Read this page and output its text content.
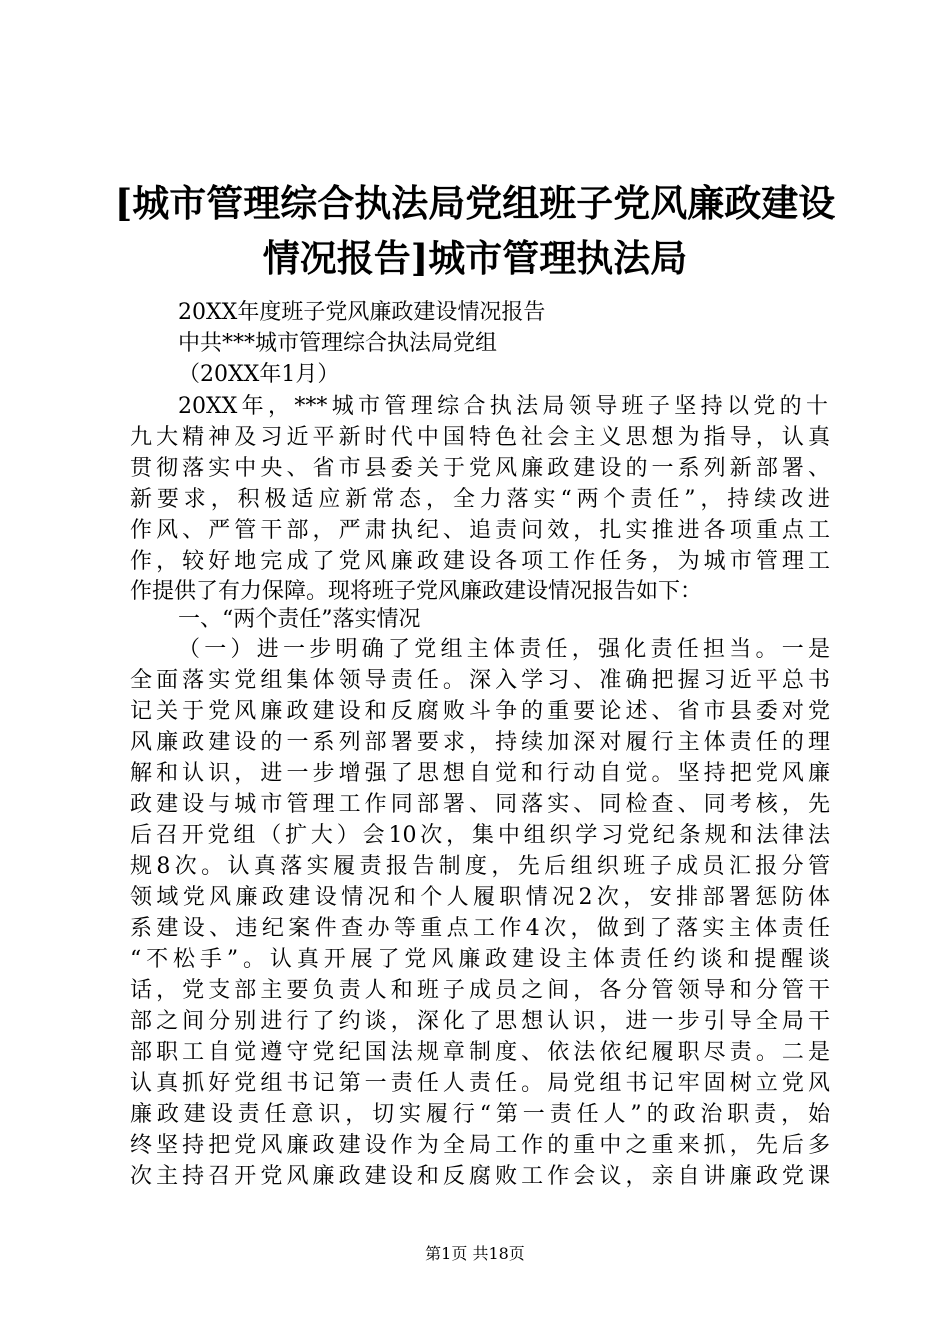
[城市管理综合执法局党组班子党风廉政建设
情况报告]城市管理执法局
20XX年度班子党风廉政建设情况报告
中共***城市管理综合执法局党组
（20XX年1月）
20XX年，***城市管理综合执法局领导班子坚持以党的十
九大精神及习近平新时代中国特色社会主义思想为指导，认真
贯彻落实中央、省市县委关于党风廉政建设的一系列新部署、
新要求，积极适应新常态，全力落实“两个责任”，持续改进
作风、严管干部，严肃执纪、追责问效，扎实推进各项重点工
作，较好地完成了党风廉政建设各项工作任务，为城市管理工
作提供了有力保障。现将班子党风廉政建设情况报告如下：
一、“两个责任”落实情况
（一）进一步明确了党组主体责任，强化责任担当。一是
全面落实党组集体领导责任。深入学习、准确把握习近平总书
记关于党风廉政建设和反腐败斗争的重要论述、省市县委对党
风廉政建设的一系列部署要求，持续加深对履行主体责任的理
解和认识，进一步增强了思想自觉和行动自觉。坚持把党风廉
政建设与城市管理工作同部署、同落实、同检查、同考核，先
后召开党组（扩大）会10次，集中组织学习党纪条规和法律法
规8次。认真落实履责报告制度，先后组织班子成员汇报分管
领域党风廉政建设情况和个人履职情况2次，安排部署惩防体
系建设、违纪案件查办等重点工作4次，做到了落实主体责任
“不松手”。认真开展了党风廉政建设主体责任约谈和提醒谈
话，党支部主要负责人和班子成员之间，各分管领导和分管干
部之间分别进行了约谈，深化了思想认识，进一步引导全局干
部职工自觉遵守党纪国法规章制度、依法依纪履职尽责。二是
认真抓好党组书记第一责任人责任。局党组书记牢固树立党风
廉政建设责任意识，切实履行“第一责任人”的政治职责，始
终坚持把党风廉政建设作为全局工作的重中之重来抓，先后多
次主持召开党风廉政建设和反腐败工作会议，亲自讲廉政党课
第1页 共18页
